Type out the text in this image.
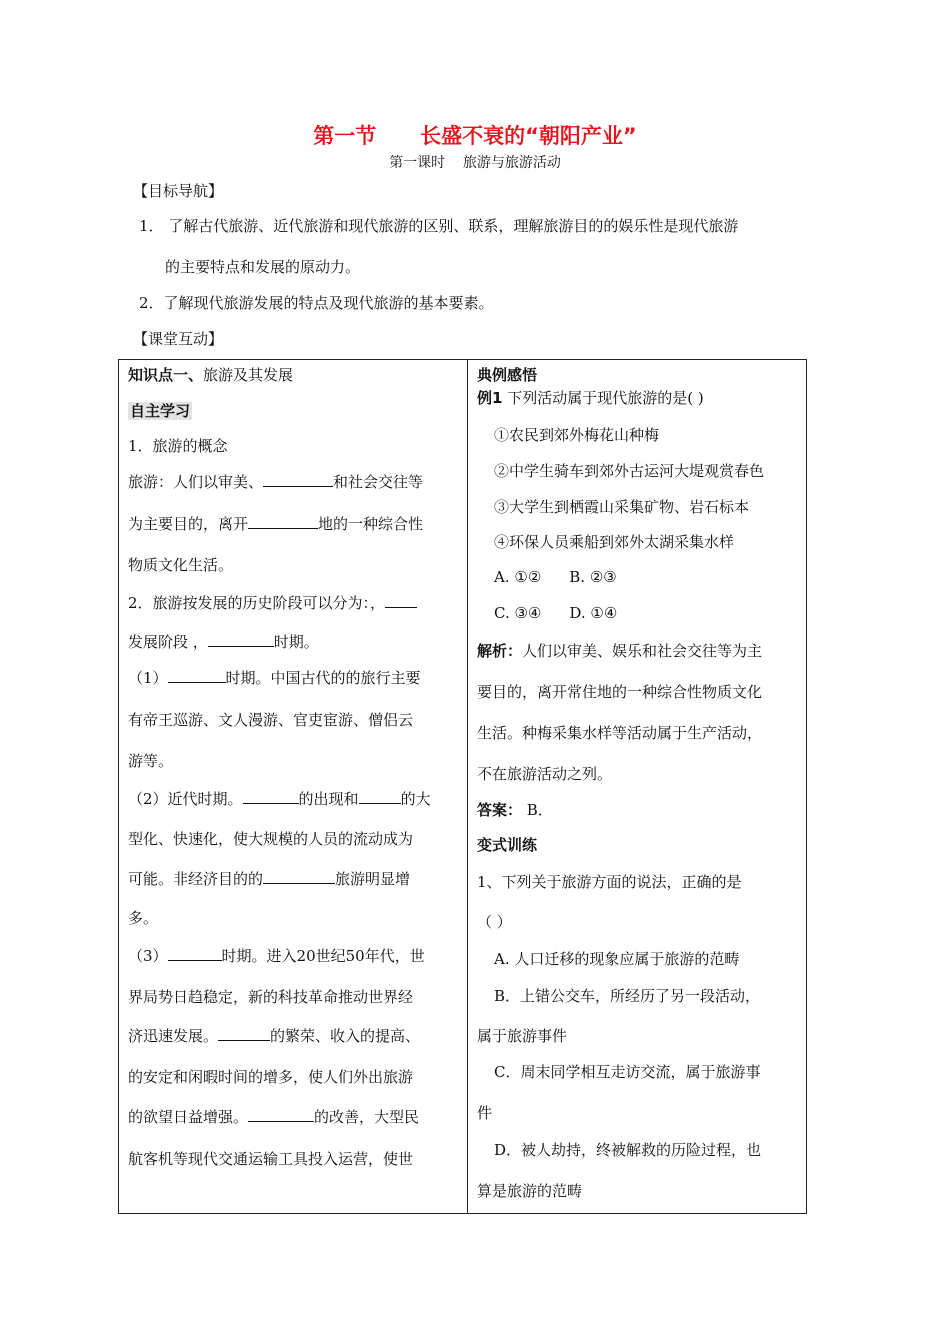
第一节      长盛不衰的“朝阳产业”
第一课时    旅游与旅游活动
【目标导航】
1． 了解古代旅游、近代旅游和现代旅游的区别、联系，理解旅游目的的娱乐性是现代旅游
的主要特点和发展的原动力。
2．了解现代旅游发展的特点及现代旅游的基本要素。
【课堂互动】
知识点一、旅游及其发展
自主学习
1．旅游的概念
旅游：人们以审美、	和社会交往等
为主要目的，离开	地的一种综合性
物质文化生活。
2．旅游按发展的历史阶段可以分为：，
发展阶段 ，	时期。
（1）	时期。中国古代的的旅行主要
有帝王巡游、文人漫游、官吏宦游、僧侣云
游等。
（2）近代时期。	的出现和	的大
型化、快速化，使大规模的人员的流动成为
可能。非经济目的的	旅游明显增
多。
（3）	时期。进入20世纪50年代，世
界局势日趋稳定，新的科技革命推动世界经
济迅速发展。	的繁荣、收入的提高、
的安定和闲暇时间的增多，使人们外出旅游
的欲望日益增强。	的改善，大型民
航客机等现代交通运输工具投入运营，使世
典例感悟
例1 下列活动属于现代旅游的是( )
①农民到郊外梅花山种梅
②中学生骑车到郊外古运河大堤观赏春色
③大学生到栖霞山采集矿物、岩石标本
④环保人员乘船到郊外太湖采集水样
A. ①② B. ②③
C. ③④ D. ①④
解析：人们以审美、娱乐和社会交往等为主
要目的，离开常住地的一种综合性物质文化
生活。种梅采集水样等活动属于生产活动，
不在旅游活动之列。
答案： B．
变式训练
1、下列关于旅游方面的说法，正确的是
（ ）
A. 人口迁移的现象应属于旅游的范畴
B．上错公交车，所经历了另一段活动，
属于旅游事件
C．周末同学相互走访交流，属于旅游事
件
D．被人劫持，终被解救的历险过程，也
算是旅游的范畴
